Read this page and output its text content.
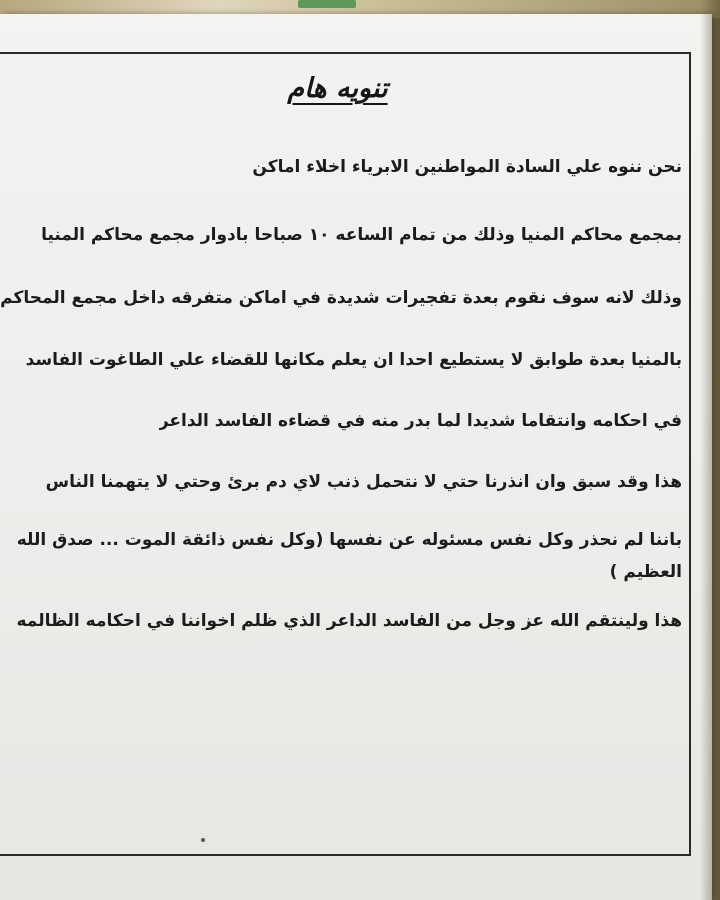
تنويه هام
نحن ننوه علي السادة المواطنين الابرياء اخلاء اماكن
بمجمع محاكم المنيا وذلك من تمام الساعه ١٠ صباحا بادوار مجمع محاكم المنيا
وذلك لانه سوف نقوم بعدة تفجيرات شديدة في اماكن متفرقه داخل مجمع المحاكم
بالمنيا بعدة طوابق لا يستطيع احدا ان يعلم مكانها للقضاء علي الطاغوت الفاسد
في احكامه وانتقاما شديدا لما بدر منه في قضاءه الفاسد الداعر
هذا وقد سبق وان انذرنا حتي لا نتحمل ذنب لاي دم برئ وحتي لا يتهمنا الناس
باننا لم نحذر وكل نفس مسئوله عن نفسها (وكل نفس ذائقة الموت ... صدق الله
العظيم )
هذا ولينتقم الله عز وجل من الفاسد الداعر الذي ظلم اخواننا في احكامه الظالمه
